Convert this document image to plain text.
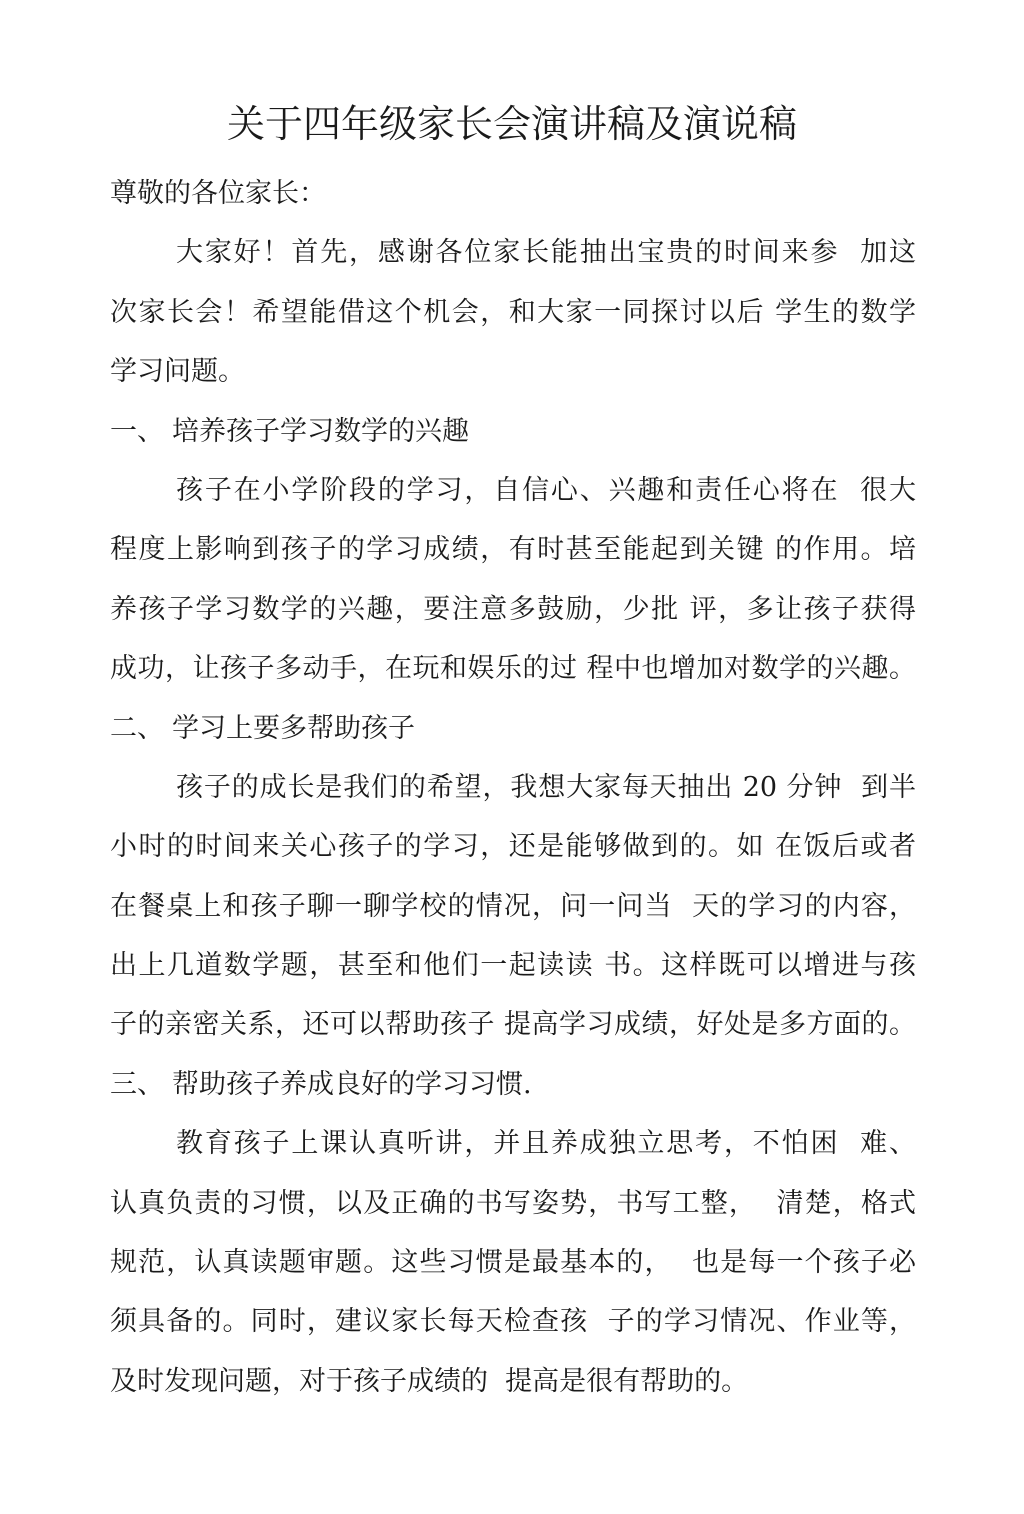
关于四年级家长会演讲稿及演说稿
尊敬的各位家长：
大家好！首先，感谢各位家长能抽出宝贵的时间来参  加这
次家长会！希望能借这个机会，和大家一同探讨以后 学生的数学
学习问题。
一、 培养孩子学习数学的兴趣
孩子在小学阶段的学习，自信心、兴趣和责任心将在  很大
程度上影响到孩子的学习成绩，有时甚至能起到关键 的作用。培
养孩子学习数学的兴趣，要注意多鼓励，少批 评，多让孩子获得
成功，让孩子多动手，在玩和娱乐的过 程中也增加对数学的兴趣。
二、 学习上要多帮助孩子
孩子的成长是我们的希望，我想大家每天抽出 20 分钟  到半
小时的时间来关心孩子的学习，还是能够做到的。如 在饭后或者
在餐桌上和孩子聊一聊学校的情况，问一问当  天的学习的内容，
出上几道数学题，甚至和他们一起读读 书。这样既可以增进与孩
子的亲密关系，还可以帮助孩子 提高学习成绩，好处是多方面的。
三、 帮助孩子养成良好的学习习惯.
教育孩子上课认真听讲，并且养成独立思考，不怕困  难、
认真负责的习惯，以及正确的书写姿势，书写工整，  清楚，格式
规范，认真读题审题。这些习惯是最基本的，  也是每一个孩子必
须具备的。同时，建议家长每天检查孩  子的学习情况、作业等，
及时发现问题，对于孩子成绩的  提高是很有帮助的。
